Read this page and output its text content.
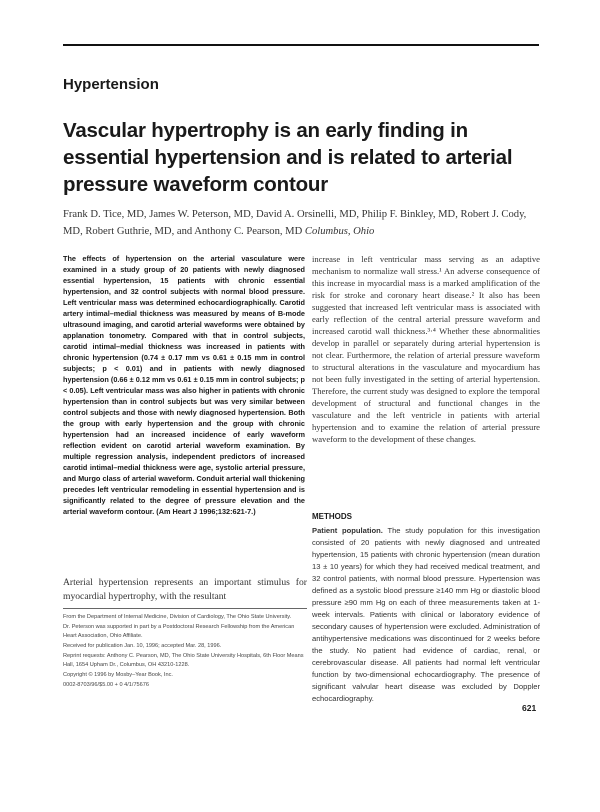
Hypertension
Vascular hypertrophy is an early finding in essential hypertension and is related to arterial pressure waveform contour
Frank D. Tice, MD, James W. Peterson, MD, David A. Orsinelli, MD, Philip F. Binkley, MD, Robert J. Cody, MD, Robert Guthrie, MD, and Anthony C. Pearson, MD Columbus, Ohio
The effects of hypertension on the arterial vasculature were examined in a study group of 20 patients with newly diagnosed essential hypertension, 15 patients with chronic essential hypertension, and 32 control subjects with normal blood pressure. Left ventricular mass was determined echocardiographically. Carotid artery intimal–medial thickness was measured by means of B-mode ultrasound imaging, and carotid arterial waveforms were obtained by applanation tonometry. Compared with that in control subjects, carotid intimal–medial thickness was increased in patients with chronic hypertension (0.74 ± 0.17 mm vs 0.61 ± 0.15 mm in control subjects; p < 0.01) and in patients with newly diagnosed hypertension (0.66 ± 0.12 mm vs 0.61 ± 0.15 mm in control subjects; p < 0.05). Left ventricular mass was also higher in patients with chronic hypertension than in control subjects but was very similar between control subjects and those with newly diagnosed hypertension. Both the group with early hypertension and the group with chronic hypertension had an increased incidence of early waveform reflection evident on carotid arterial waveform examination. By multiple regression analysis, independent predictors of increased carotid intimal–medial thickness were age, systolic arterial pressure, and Murgo class of arterial waveform. Conduit arterial wall thickening precedes left ventricular remodeling in essential hypertension and is significantly related to the degree of pressure elevation and the arterial waveform contour. (Am Heart J 1996;132:621-7.)
Arterial hypertension represents an important stimulus for myocardial hypertrophy, with the resultant

From the Department of Internal Medicine, Division of Cardiology, The Ohio State University.

Dr. Peterson was supported in part by a Postdoctoral Research Fellowship from the American Heart Association, Ohio Affiliate.

Received for publication Jan. 10, 1996; accepted Mar. 28, 1996.

Reprint requests: Anthony C. Pearson, MD, The Ohio State University Hospitals, 6th Floor Means Hall, 1654 Upham Dr., Columbus, OH 43210-1228.

Copyright © 1996 by Mosby–Year Book, Inc.

0002-8703/96/$5.00 + 0 4/1/75676

increase in left ventricular mass serving as an adaptive mechanism to normalize wall stress.¹ An adverse consequence of this increase in myocardial mass is a marked amplification of the risk for stroke and coronary heart disease.² It also has been suggested that increased left ventricular mass is associated with early reflection of the central arterial pressure waveform and increased carotid wall thickness.³·⁴ Whether these abnormalities develop in parallel or separately during arterial hypertension is not clear. Furthermore, the relation of arterial pressure waveform to structural alterations in the vasculature and myocardium has not been fully investigated in the setting of arterial hypertension. Therefore, the current study was designed to explore the temporal development of structural and functional changes in the vasculature and the left ventricle in patients with arterial hypertension and to examine the relation of arterial pressure waveform to the development of these changes.

METHODS
Patient population. The study population for this investigation consisted of 20 patients with newly diagnosed and untreated hypertension, 15 patients with chronic hypertension (mean duration 13 ± 10 years) for which they had received medical treatment, and 32 control patients, with normal blood pressure. Hypertension was defined as a systolic blood pressure ≥140 mm Hg or diastolic blood pressure ≥90 mm Hg on each of three measurements taken at 1-week intervals. Patients with clinical or laboratory evidence of secondary causes of hypertension were excluded. Administration of antihypertensive medications was discontinued for 2 weeks before the study. No patient had evidence of cardiac, renal, or cerebrovascular disease. All patients had normal left ventricular function by two-dimensional echocardiography. The presence of significant valvular heart disease was excluded by Doppler echocardiography.
621
